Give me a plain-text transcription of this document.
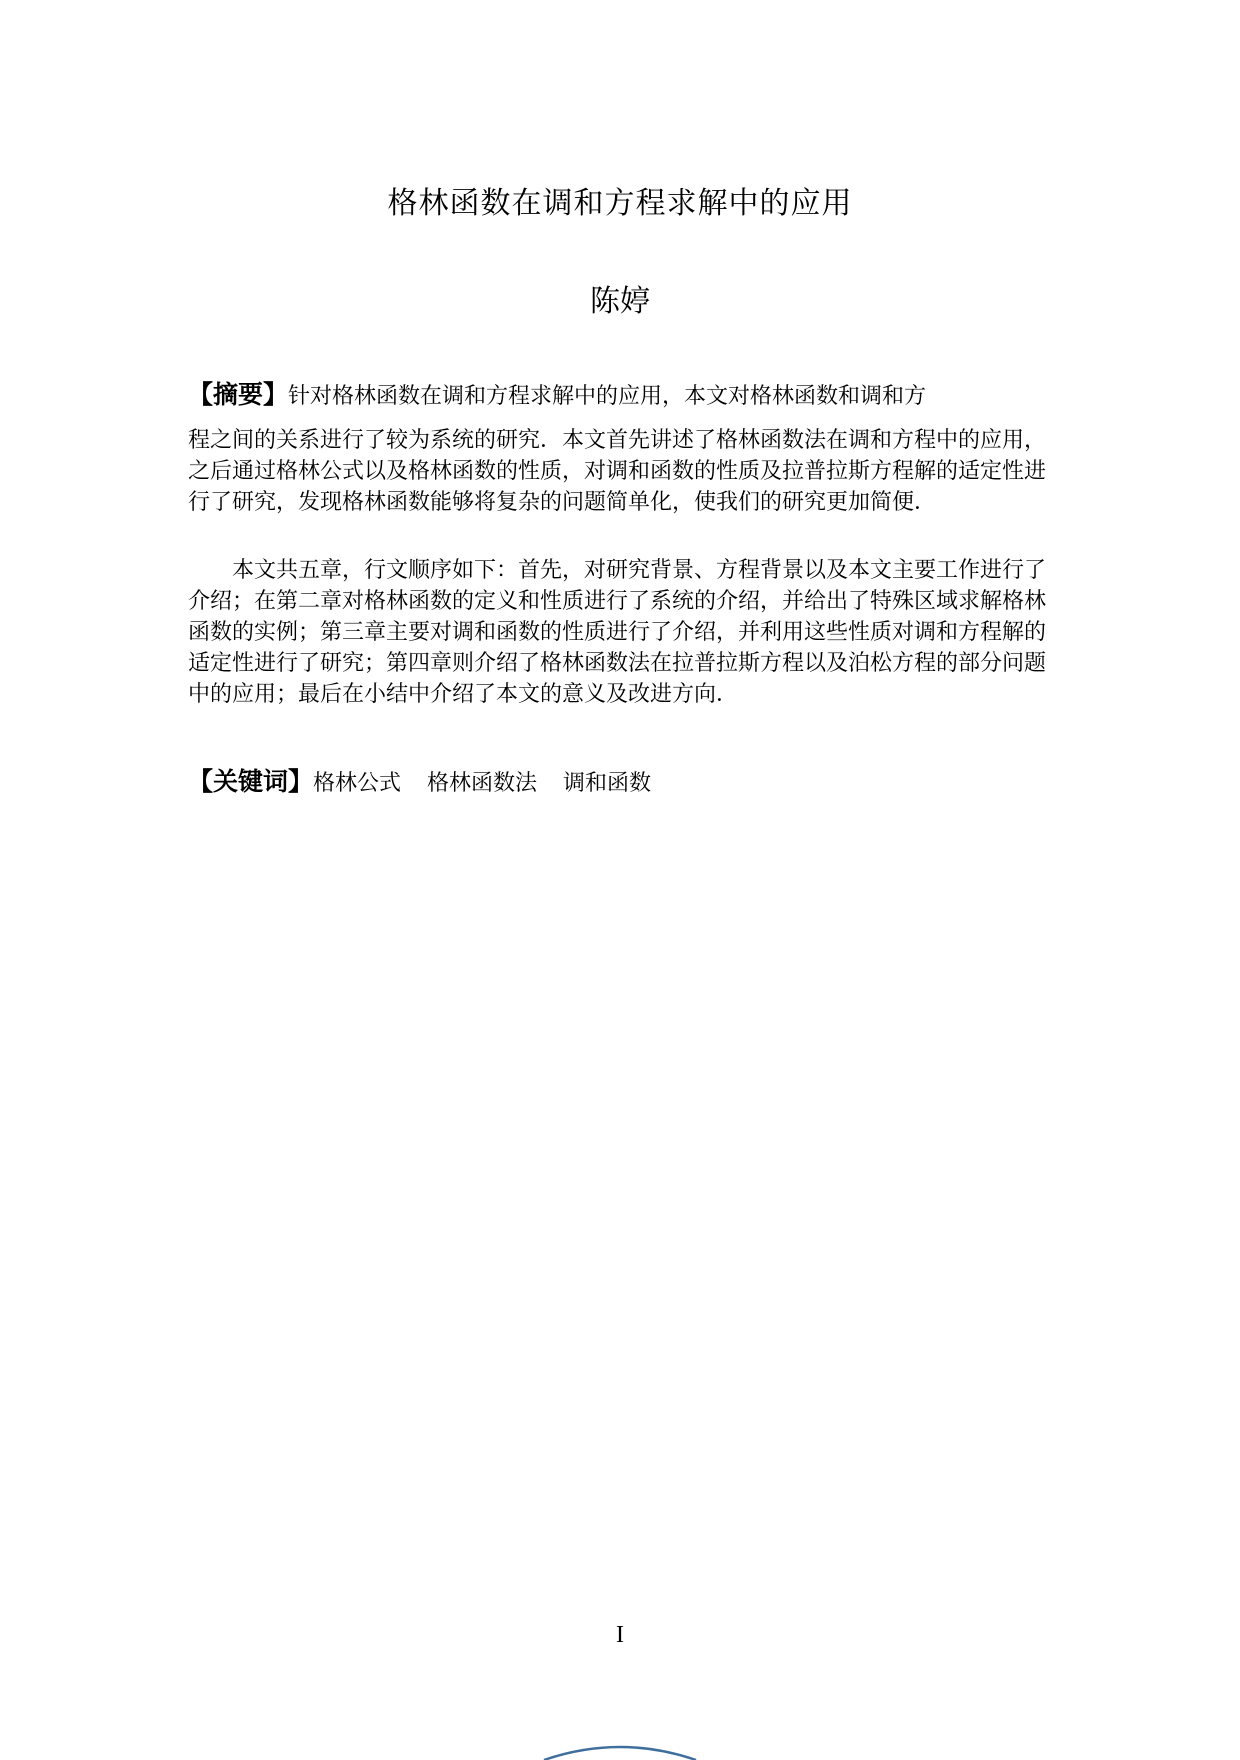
格林函数在调和方程求解中的应用
陈婷
【摘要】针对格林函数在调和方程求解中的应用，本文对格林函数和调和方
程之间的关系进行了较为系统的研究．本文首先讲述了格林函数法在调和方程中的应用，之后通过格林公式以及格林函数的性质，对调和函数的性质及拉普拉斯方程解的适定性进行了研究，发现格林函数能够将复杂的问题简单化，使我们的研究更加简便．
本文共五章，行文顺序如下：首先，对研究背景、方程背景以及本文主要工作进行了介绍；在第二章对格林函数的定义和性质进行了系统的介绍，并给出了特殊区域求解格林函数的实例；第三章主要对调和函数的性质进行了介绍，并利用这些性质对调和方程解的适定性进行了研究；第四章则介绍了格林函数法在拉普拉斯方程以及泊松方程的部分问题中的应用；最后在小结中介绍了本文的意义及改进方向．
【关键词】格林公式 格林函数法 调和函数
I
